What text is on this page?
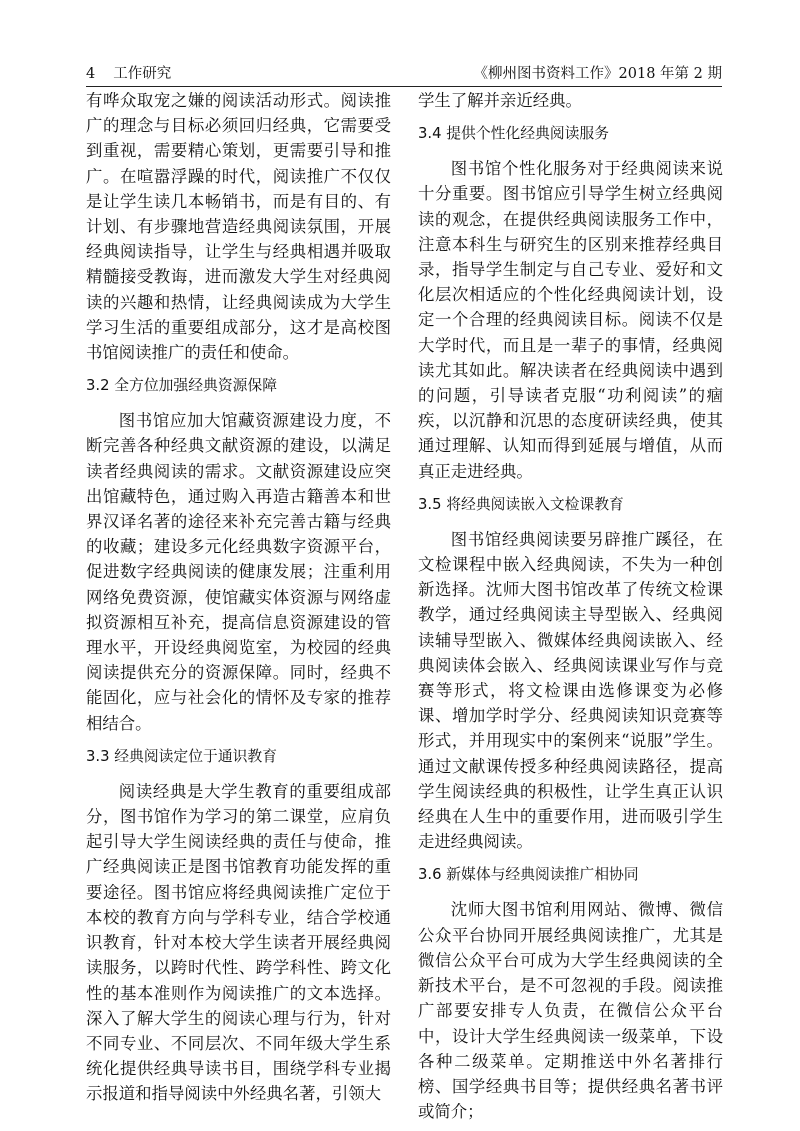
4 工作研究	《柳州图书资料工作》2018 年第 2 期

有哗众取宠之嫌的阅读活动形式。阅读推广的理念与目标必须回归经典，它需要受到重视，需要精心策划，更需要引导和推广。在喧嚣浮躁的时代，阅读推广不仅仅是让学生读几本畅销书，而是有目的、有计划、有步骤地营造经典阅读氛围，开展经典阅读指导，让学生与经典相遇并吸取精髓接受教诲，进而激发大学生对经典阅读的兴趣和热情，让经典阅读成为大学生学习生活的重要组成部分，这才是高校图书馆阅读推广的责任和使命。

3.2 全方位加强经典资源保障

图书馆应加大馆藏资源建设力度，不断完善各种经典文献资源的建设，以满足读者经典阅读的需求。文献资源建设应突出馆藏特色，通过购入再造古籍善本和世界汉译名著的途径来补充完善古籍与经典的收藏；建设多元化经典数字资源平台，促进数字经典阅读的健康发展；注重利用网络免费资源，使馆藏实体资源与网络虚拟资源相互补充，提高信息资源建设的管理水平，开设经典阅览室，为校园的经典阅读提供充分的资源保障。同时，经典不能固化，应与社会化的情怀及专家的推荐相结合。

3.3 经典阅读定位于通识教育

阅读经典是大学生教育的重要组成部分，图书馆作为学习的第二课堂，应肩负起引导大学生阅读经典的责任与使命，推广经典阅读正是图书馆教育功能发挥的重要途径。图书馆应将经典阅读推广定位于本校的教育方向与学科专业，结合学校通识教育，针对本校大学生读者开展经典阅读服务，以跨时代性、跨学科性、跨文化性的基本准则作为阅读推广的文本选择。深入了解大学生的阅读心理与行为，针对不同专业、不同层次、不同年级大学生系统化提供经典导读书目，围绕学科专业揭示报道和指导阅读中外经典名著，引领大

学生了解并亲近经典。

3.4 提供个性化经典阅读服务

图书馆个性化服务对于经典阅读来说十分重要。图书馆应引导学生树立经典阅读的观念，在提供经典阅读服务工作中，注意本科生与研究生的区别来推荐经典目录，指导学生制定与自己专业、爱好和文化层次相适应的个性化经典阅读计划，设定一个合理的经典阅读目标。阅读不仅是大学时代，而且是一辈子的事情，经典阅读尤其如此。解决读者在经典阅读中遇到的问题，引导读者克服“功利阅读”的痼疾，以沉静和沉思的态度研读经典，使其通过理解、认知而得到延展与增值，从而真正走进经典。

3.5 将经典阅读嵌入文检课教育

图书馆经典阅读要另辟推广蹊径，在文检课程中嵌入经典阅读，不失为一种创新选择。沈师大图书馆改革了传统文检课教学，通过经典阅读主导型嵌入、经典阅读辅导型嵌入、微媒体经典阅读嵌入、经典阅读体会嵌入、经典阅读课业写作与竞赛等形式，将文检课由选修课变为必修课、增加学时学分、经典阅读知识竞赛等形式，并用现实中的案例来“说服”学生。通过文献课传授多种经典阅读路径，提高学生阅读经典的积极性，让学生真正认识经典在人生中的重要作用，进而吸引学生走进经典阅读。

3.6 新媒体与经典阅读推广相协同

沈师大图书馆利用网站、微博、微信公众平台协同开展经典阅读推广，尤其是微信公众平台可成为大学生经典阅读的全新技术平台，是不可忽视的手段。阅读推广部要安排专人负责，在微信公众平台中，设计大学生经典阅读一级菜单，下设各种二级菜单。定期推送中外名著排行榜、国学经典书目等；提供经典名著书评或简介；
